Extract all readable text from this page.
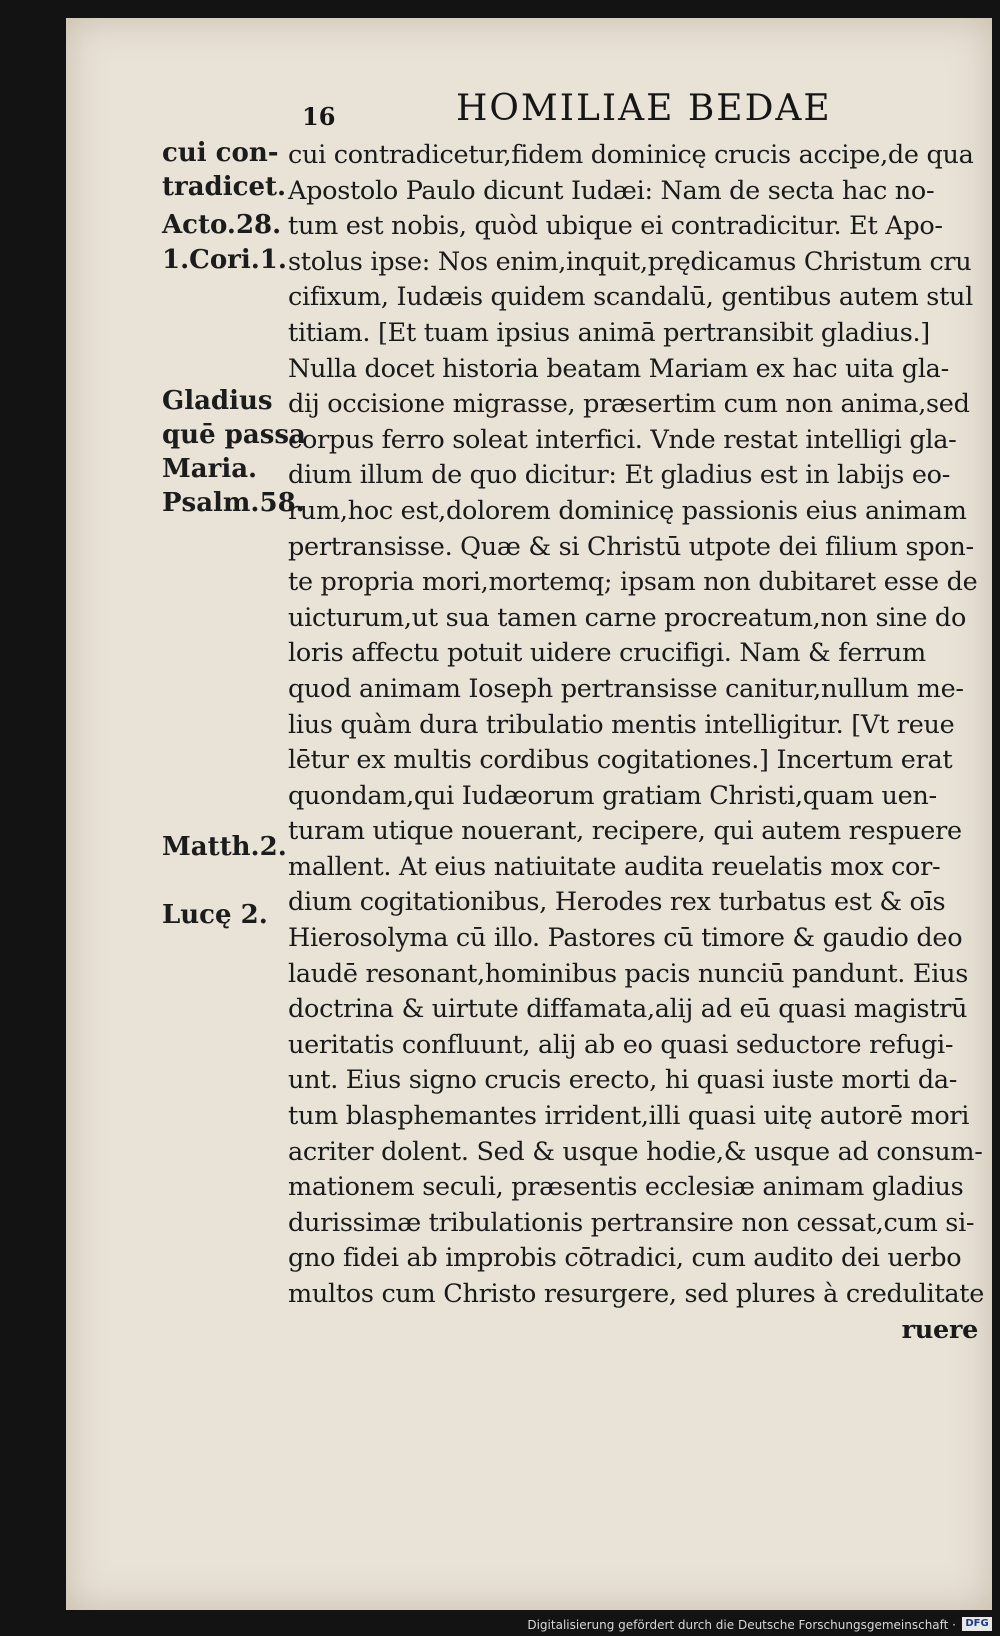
16	HOMILIAE BEDAE
cui con-
tradicet.
Acto.28.
1.Cori.1.
Gladius
quē passa
Maria.
Psalm.58.
Matth.2.
Lucę 2.
cui contradicetur,fidem dominicę crucis accipe,de qua
Apostolo Paulo dicunt Iudæi: Nam de secta hac no-
tum est nobis, quòd ubique ei contradicitur. Et Apo-
stolus ipse: Nos enim,inquit,prędicamus Christum cru
cifixum, Iudæis quidem scandalū, gentibus autem stul
titiam. [Et tuam ipsius animā pertransibit gladius.]
Nulla docet historia beatam Mariam ex hac uita gla-
dij occisione migrasse, præsertim cum non anima,sed
corpus ferro soleat interfici. Vnde restat intelligi gla-
dium illum de quo dicitur: Et gladius est in labijs eo-
rum,hoc est,dolorem dominicę passionis eius animam
pertransisse. Quæ & si Christū utpote dei filium spon-
te propria mori,mortemq; ipsam non dubitaret esse de
uicturum,ut sua tamen carne procreatum,non sine do
loris affectu potuit uidere crucifigi. Nam & ferrum
quod animam Ioseph pertransisse canitur,nullum me-
lius quàm dura tribulatio mentis intelligitur. [Vt reue
lētur ex multis cordibus cogitationes.] Incertum erat
quondam,qui Iudæorum gratiam Christi,quam uen-
turam utique nouerant, recipere, qui autem respuere
mallent. At eius natiuitate audita reuelatis mox cor-
dium cogitationibus, Herodes rex turbatus est & oīs
Hierosolyma cū illo. Pastores cū timore & gaudio deo
laudē resonant,hominibus pacis nunciū pandunt. Eius
doctrina & uirtute diffamata,alij ad eū quasi magistrū
ueritatis confluunt, alij ab eo quasi seductore refugi-
unt. Eius signo crucis erecto, hi quasi iuste morti da-
tum blasphemantes irrident,illi quasi uitę autorē mori
acriter dolent. Sed & usque hodie,& usque ad consum-
mationem seculi, præsentis ecclesiæ animam gladius
durissimæ tribulationis pertransire non cessat,cum si-
gno fidei ab improbis cōtradici, cum audito dei uerbo
multos cum Christo resurgere, sed plures à credulitate
ruere
Digitalisierung gefördert durch die Deutsche Forschungsgemeinschaft · DFG
